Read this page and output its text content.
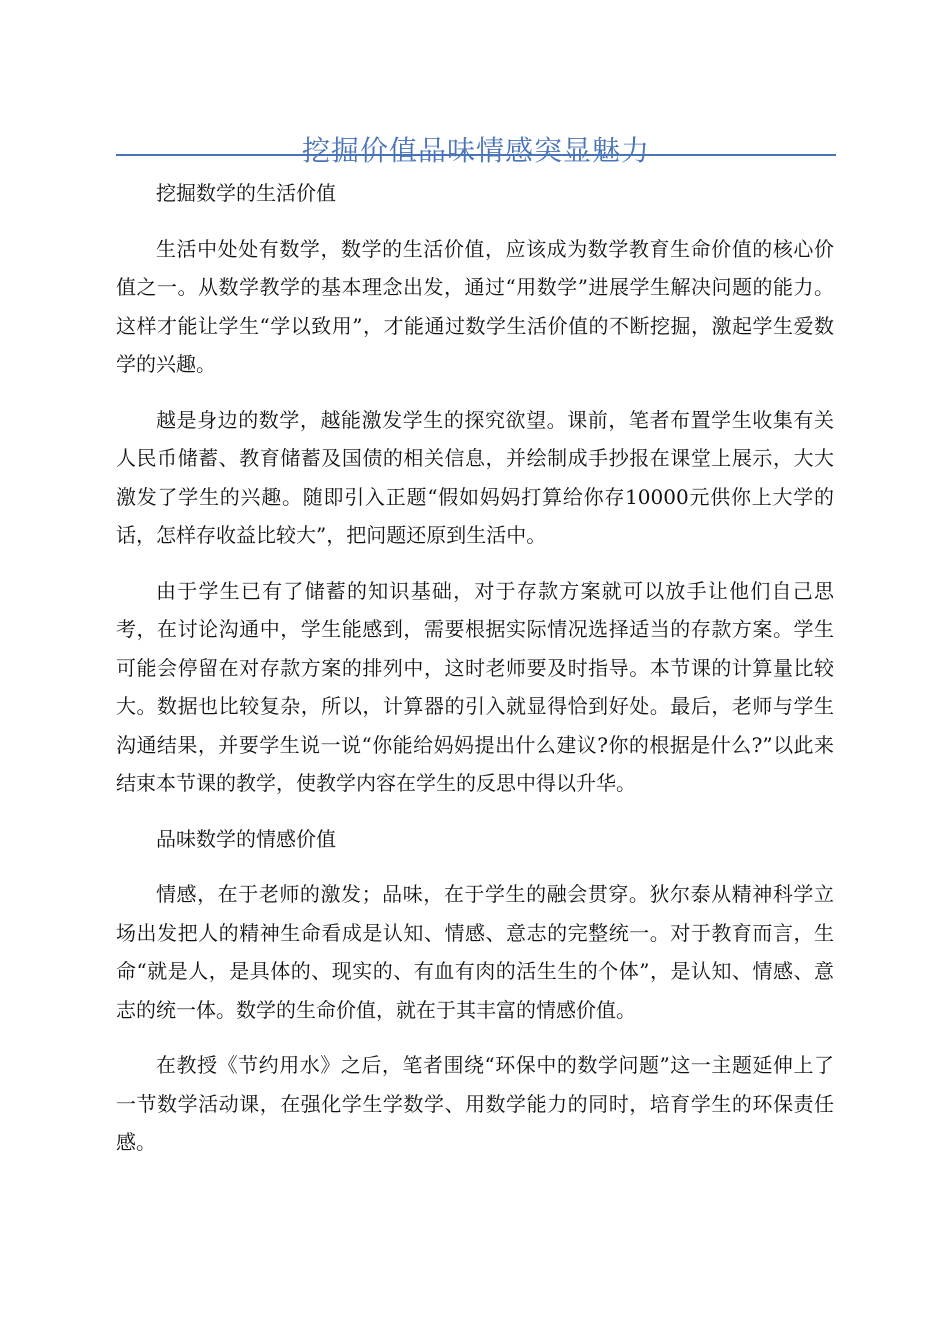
挖掘价值品味情感突显魅力

挖掘数学的生活价值

生活中处处有数学，数学的生活价值，应该成为数学教育生命价值的核心价值之一。从数学教学的基本理念出发，通过“用数学”进展学生解决问题的能力。这样才能让学生“学以致用”，才能通过数学生活价值的不断挖掘，激起学生爱数学的兴趣。

越是身边的数学，越能激发学生的探究欲望。课前，笔者布置学生收集有关人民币储蓄、教育储蓄及国债的相关信息，并绘制成手抄报在课堂上展示，大大激发了学生的兴趣。随即引入正题“假如妈妈打算给你存10000元供你上大学的话，怎样存收益比较大”，把问题还原到生活中。

由于学生已有了储蓄的知识基础，对于存款方案就可以放手让他们自己思考，在讨论沟通中，学生能感到，需要根据实际情况选择适当的存款方案。学生可能会停留在对存款方案的排列中，这时老师要及时指导。本节课的计算量比较大。数据也比较复杂，所以，计算器的引入就显得恰到好处。最后，老师与学生沟通结果，并要学生说一说“你能给妈妈提出什么建议?你的根据是什么?”以此来结束本节课的教学，使教学内容在学生的反思中得以升华。

品味数学的情感价值

情感，在于老师的激发；品味，在于学生的融会贯穿。狄尔泰从精神科学立场出发把人的精神生命看成是认知、情感、意志的完整统一。对于教育而言，生命“就是人，是具体的、现实的、有血有肉的活生生的个体”，是认知、情感、意志的统一体。数学的生命价值，就在于其丰富的情感价值。

在教授《节约用水》之后，笔者围绕“环保中的数学问题”这一主题延伸上了一节数学活动课，在强化学生学数学、用数学能力的同时，培育学生的环保责任感。
